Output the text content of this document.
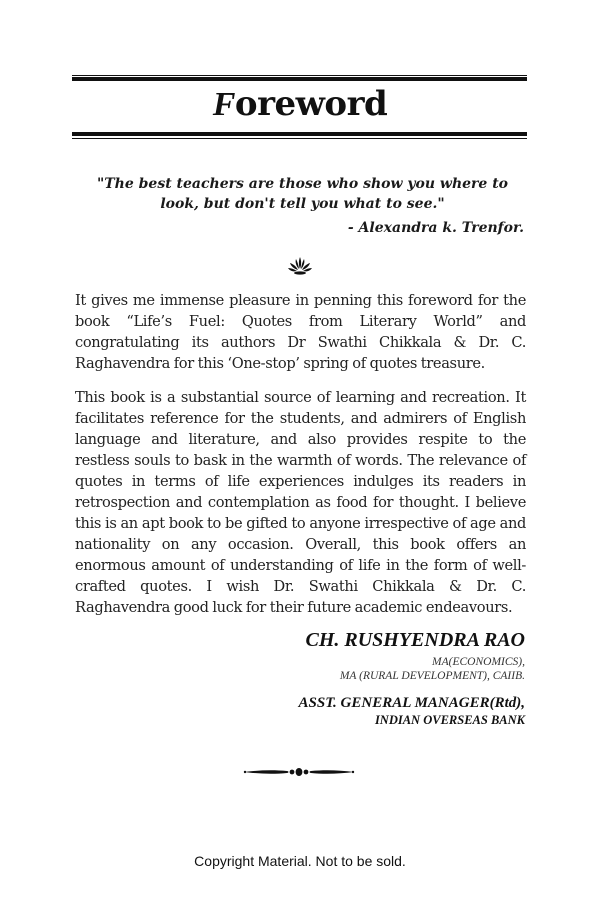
Foreword
"The best teachers are those who show you where to look, but don't tell you what to see."
- Alexandra k. Trenfor.

It gives me immense pleasure in penning this foreword for the book “Life’s Fuel: Quotes from Literary World” and congratulating its authors Dr Swathi Chikkala & Dr. C. Raghavendra for this ‘One-stop’ spring of quotes treasure.

This book is a substantial source of learning and recreation. It facilitates reference for the students, and admirers of English language and literature, and also provides respite to the restless souls to bask in the warmth of words. The relevance of quotes in terms of life experiences indulges its readers in retrospection and contemplation as food for thought. I believe this is an apt book to be gifted to anyone irrespective of age and nationality on any occasion. Overall, this book offers an enormous amount of understanding of life in the form of well-crafted quotes. I wish Dr. Swathi Chikkala & Dr. C. Raghavendra good luck for their future academic endeavours.

CH. RUSHYENDRA RAO
MA(ECONOMICS),
MA (RURAL DEVELOPMENT), CAIIB.
ASST. GENERAL MANAGER(Rtd),
INDIAN OVERSEAS BANK
Copyright Material. Not to be sold.
